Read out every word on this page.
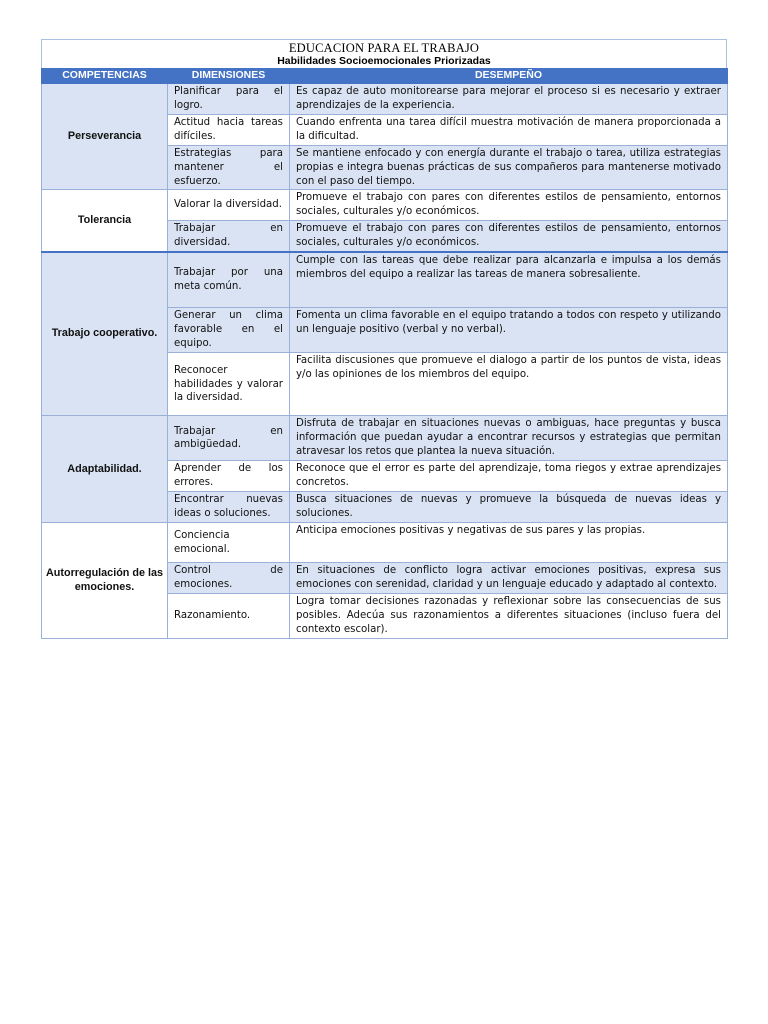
EDUCACION PARA EL TRABAJO
Habilidades Socioemocionales Priorizadas
COMPETENCIAS	DIMENSIONES	DESEMPEÑO
Perseverancia	Planificar para el logro.	Es capaz de auto monitorearse para mejorar el proceso si es necesario y extraer aprendizajes de la experiencia.
	Actitud hacia tareas difíciles.	Cuando enfrenta una tarea difícil muestra motivación de manera proporcionada a la dificultad.
	Estrategias para mantener el esfuerzo.	Se mantiene enfocado y con energía durante el trabajo o tarea, utiliza estrategias propias e integra buenas prácticas de sus compañeros para mantenerse motivado con el paso del tiempo.
Tolerancia	Valorar la diversidad.	Promueve el trabajo con pares con diferentes estilos de pensamiento, entornos sociales, culturales y/o económicos.
	Trabajar en diversidad.	Promueve el trabajo con pares con diferentes estilos de pensamiento, entornos sociales, culturales y/o económicos.
Trabajo cooperativo.	Trabajar por una meta común.	Cumple con las tareas que debe realizar para alcanzarla e impulsa a los demás miembros del equipo a realizar las tareas de manera sobresaliente.
	Generar un clima favorable en el equipo.	Fomenta un clima favorable en el equipo tratando a todos con respeto y utilizando un lenguaje positivo (verbal y no verbal).
	Reconocer habilidades y valorar la diversidad.	Facilita discusiones que promueve el dialogo a partir de los puntos de vista, ideas y/o las opiniones de los miembros del equipo.
Adaptabilidad.	Trabajar en ambigüedad.	Disfruta de trabajar en situaciones nuevas o ambiguas, hace preguntas y busca información que puedan ayudar a encontrar recursos y estrategias que permitan atravesar los retos que plantea la nueva situación.
	Aprender de los errores.	Reconoce que el error es parte del aprendizaje, toma riegos y extrae aprendizajes concretos.
	Encontrar nuevas ideas o soluciones.	Busca situaciones de nuevas y promueve la búsqueda de nuevas ideas y soluciones.
Autorregulación de las emociones.	Conciencia emocional.	Anticipa emociones positivas y negativas de sus pares y las propias.
	Control de emociones.	En situaciones de conflicto logra activar emociones positivas, expresa sus emociones con serenidad, claridad y un lenguaje educado y adaptado al contexto.
	Razonamiento.	Logra tomar decisiones razonadas y reflexionar sobre las consecuencias de sus posibles. Adecúa sus razonamientos a diferentes situaciones (incluso fuera del contexto escolar).
